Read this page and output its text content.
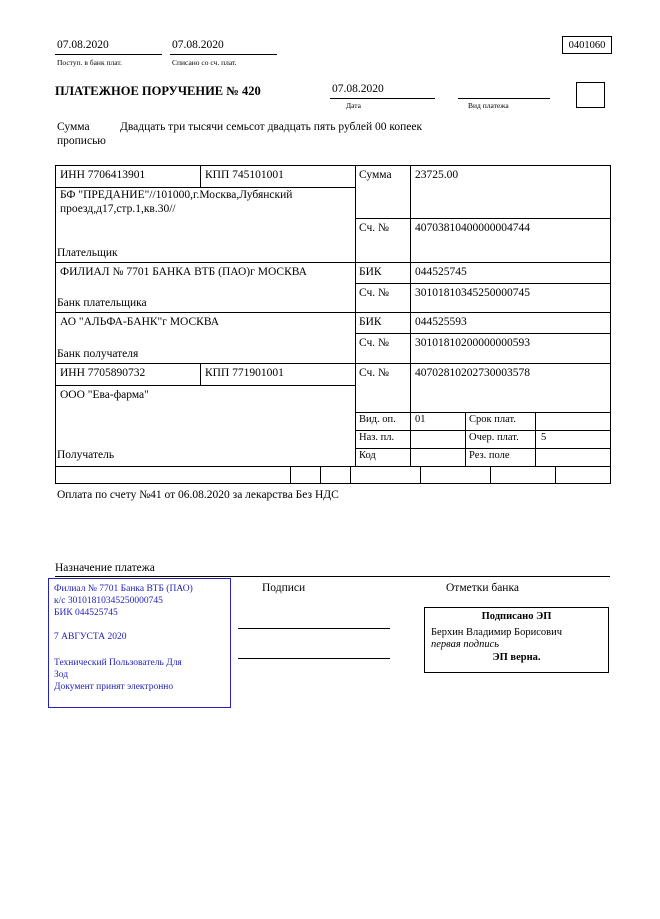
07.08.2020
Поступ. в банк плат.
07.08.2020
Списано со сч. плат.
0401060
ПЛАТЕЖНОЕ ПОРУЧЕНИЕ № 420	07.08.2020
Дата	Вид платежа
Сумма прописью
Двадцать три тысячи семьсот двадцать пять рублей 00 копеек
ИНН 7706413901	КПП 745101001	Сумма 23725.00
БФ "ПРЕДАНИЕ"//101000,г.Москва,Лубянский проезд,д17,стр.1,кв.30//
Сч. № 40703810400000004744
Плательщик
ФИЛИАЛ № 7701 БАНКА ВТБ (ПАО)г МОСКВА	БИК	044525745
Сч. № 30101810345250000745
Банк плательщика
АО "АЛЬФА-БАНК"г МОСКВА	БИК	044525593
Сч. № 30101810200000000593
Банк получателя
ИНН 7705890732	КПП 771901001	Сч. № 40702810202730003578
ООО "Ева-фарма"
Получатель
Вид. оп. 01	Срок плат.
Наз. пл.	Очер. плат. 5
Код	Рез. поле
Оплата по счету №41 от 06.08.2020 за лекарства Без НДС
Назначение платежа
Подписи	Отметки банка
Филиал № 7701 Банка ВТБ (ПАО)
к/с 30101810345250000745
БИК 044525745
7 АВГУСТА 2020
Технический Пользователь Для
Зод
Документ принят электронно
Подписано ЭП
Берхин Владимир Борисович
первая подпись
ЭП верна.
